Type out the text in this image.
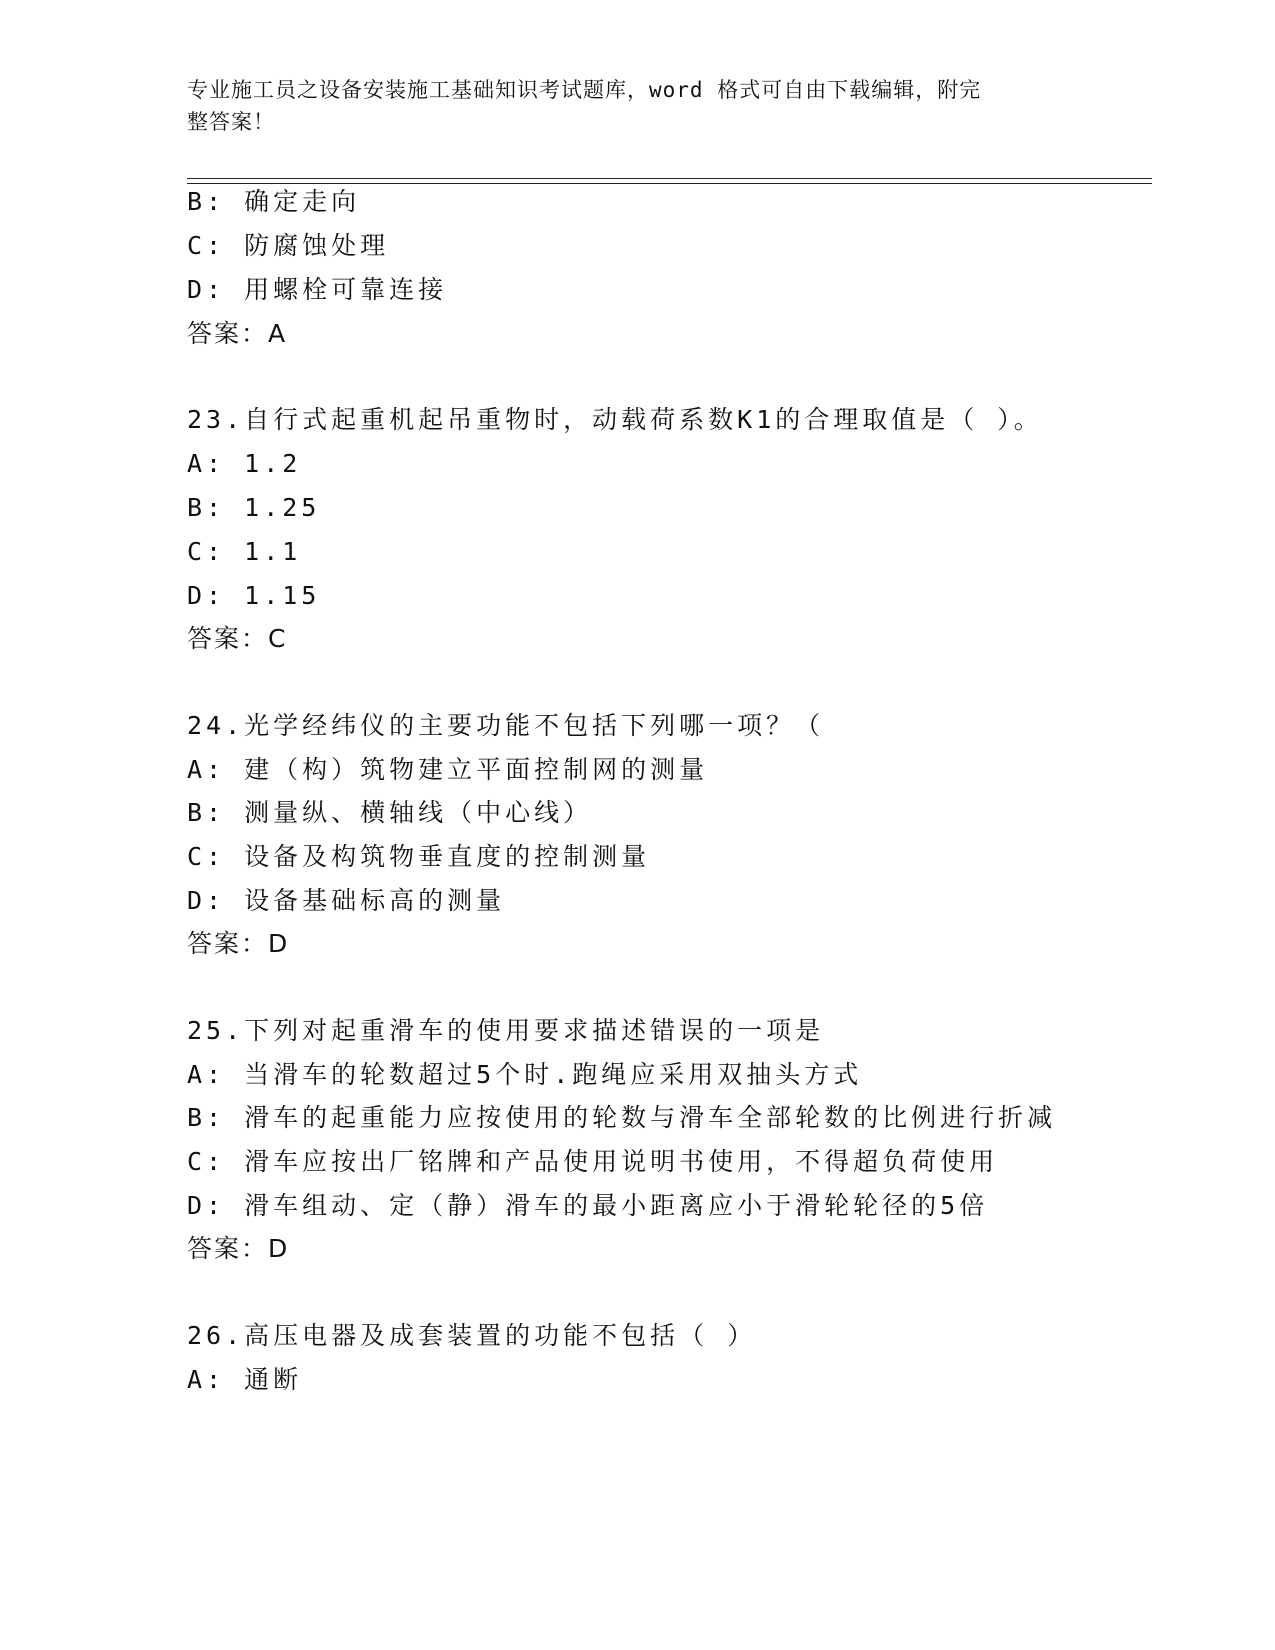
专业施工员之设备安装施工基础知识考试题库，word 格式可自由下载编辑，附完
整答案！
B: 确定走向
C: 防腐蚀处理
D: 用螺栓可靠连接
答案：A
23.自行式起重机起吊重物时，动载荷系数K1的合理取值是（ ）。
A: 1.2
B: 1.25
C: 1.1
D: 1.15
答案：C
24.光学经纬仪的主要功能不包括下列哪一项？（
A: 建（构）筑物建立平面控制网的测量
B: 测量纵、横轴线（中心线）
C: 设备及构筑物垂直度的控制测量
D: 设备基础标高的测量
答案：D
25.下列对起重滑车的使用要求描述错误的一项是
A: 当滑车的轮数超过5个时.跑绳应采用双抽头方式
B: 滑车的起重能力应按使用的轮数与滑车全部轮数的比例进行折减
C: 滑车应按出厂铭牌和产品使用说明书使用，不得超负荷使用
D: 滑车组动、定（静）滑车的最小距离应小于滑轮轮径的5倍
答案：D
26.高压电器及成套装置的功能不包括（ ）
A: 通断
